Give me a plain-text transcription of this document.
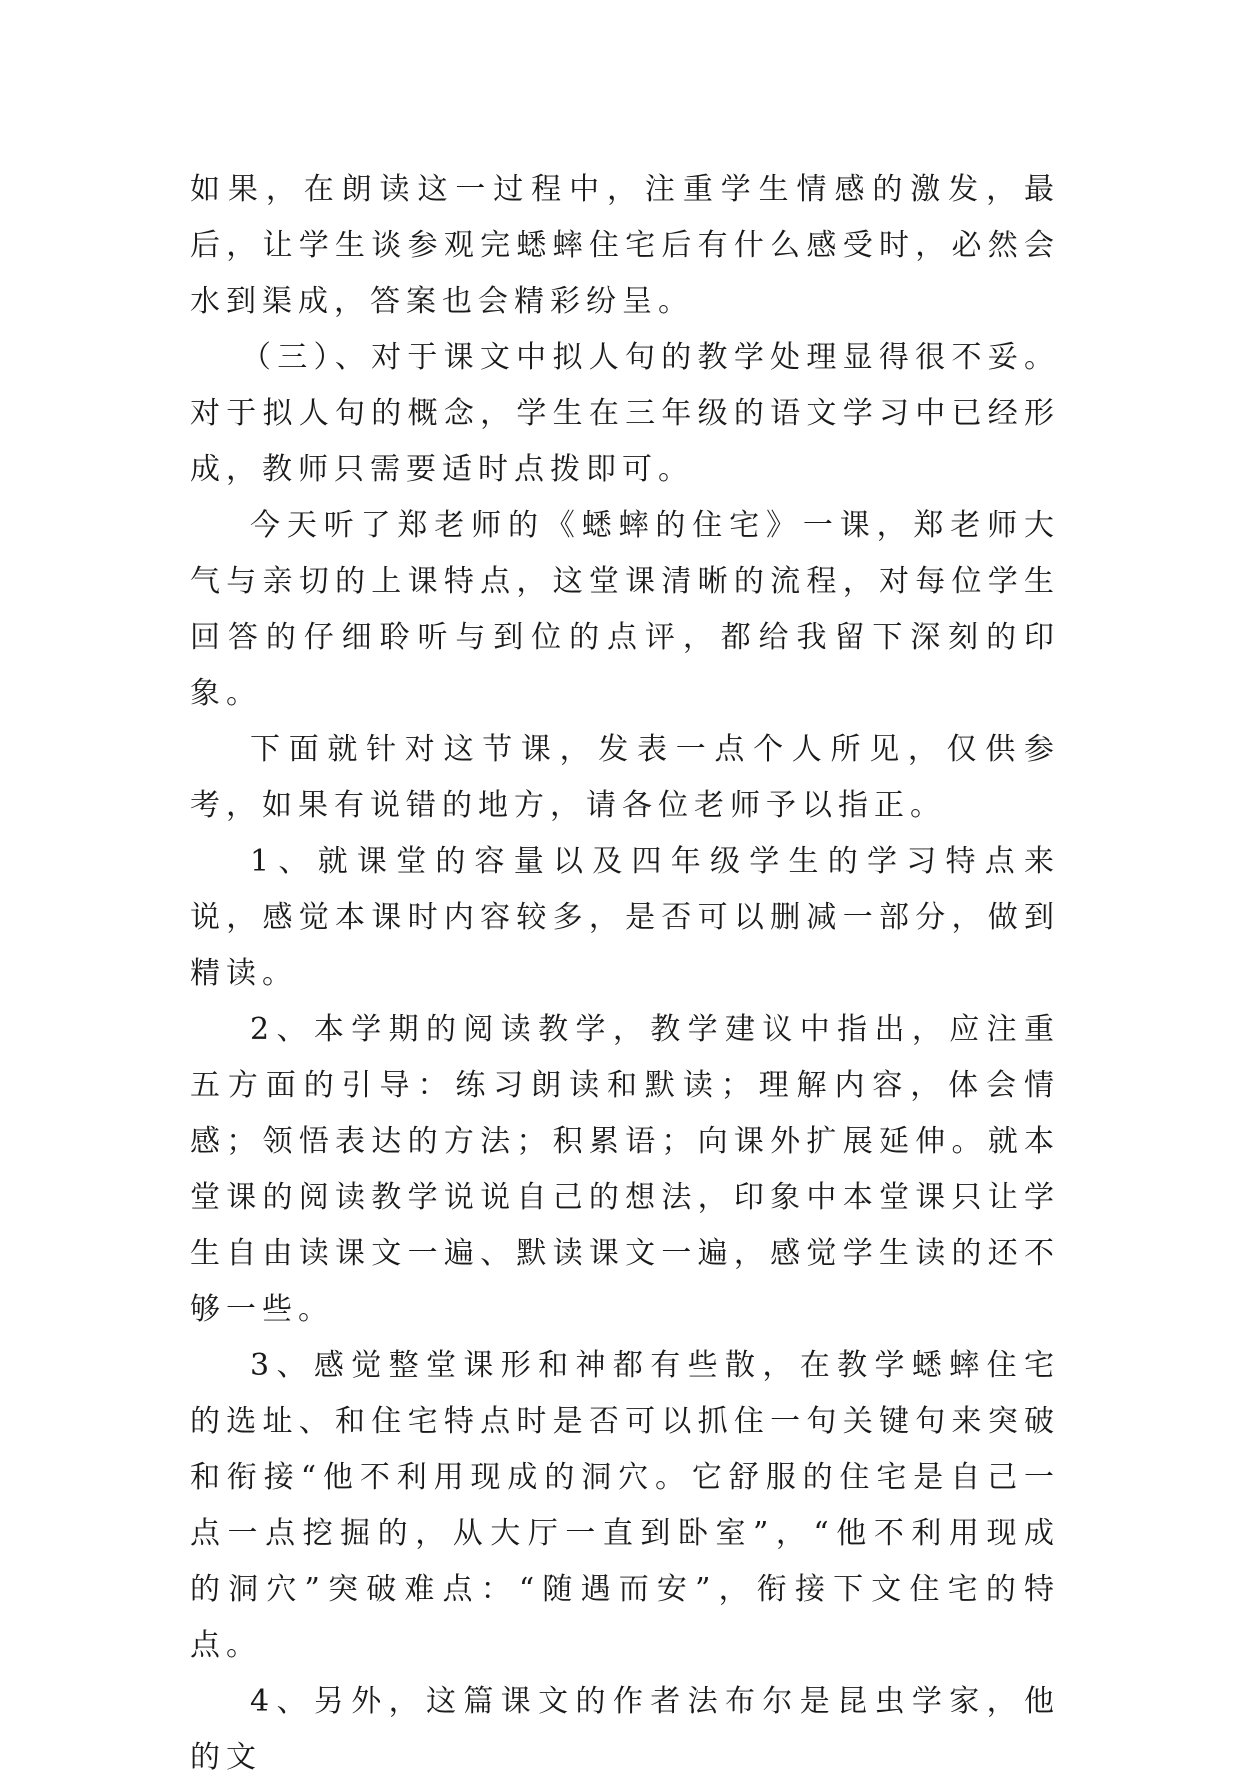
如果，在朗读这一过程中，注重学生情感的激发，最后，让学生谈参观完蟋蟀住宅后有什么感受时，必然会水到渠成，答案也会精彩纷呈。

（三）、对于课文中拟人句的教学处理显得很不妥。对于拟人句的概念，学生在三年级的语文学习中已经形成，教师只需要适时点拨即可。

今天听了郑老师的《蟋蟀的住宅》一课，郑老师大气与亲切的上课特点，这堂课清晰的流程，对每位学生回答的仔细聆听与到位的点评，都给我留下深刻的印象。

下面就针对这节课，发表一点个人所见，仅供参考，如果有说错的地方，请各位老师予以指正。

1、就课堂的容量以及四年级学生的学习特点来说，感觉本课时内容较多，是否可以删减一部分，做到精读。

2、本学期的阅读教学，教学建议中指出，应注重五方面的引导：练习朗读和默读；理解内容，体会情感；领悟表达的方法；积累语；向课外扩展延伸。就本堂课的阅读教学说说自己的想法，印象中本堂课只让学生自由读课文一遍、默读课文一遍，感觉学生读的还不够一些。

3、感觉整堂课形和神都有些散，在教学蟋蟀住宅的选址、和住宅特点时是否可以抓住一句关键句来突破和衔接“他不利用现成的洞穴。它舒服的住宅是自己一点一点挖掘的，从大厅一直到卧室”，“他不利用现成的洞穴”突破难点：“随遇而安”，衔接下文住宅的特点。

4、另外，这篇课文的作者法布尔是昆虫学家，他的文
